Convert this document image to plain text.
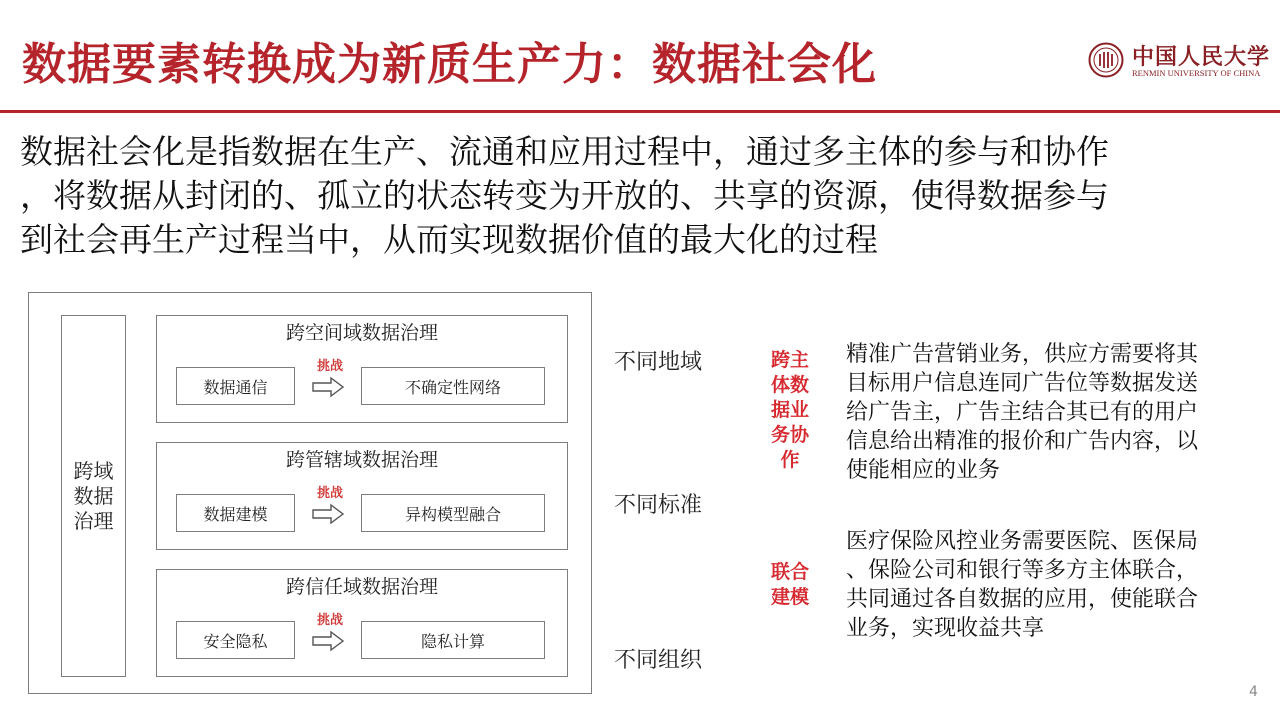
数据要素转换成为新质生产力：数据社会化	中国人民大学
RENMIN UNIVERSITY OF CHINA
数据社会化是指数据在生产、流通和应用过程中，通过多主体的参与和协作
，将数据从封闭的、孤立的状态转变为开放的、共享的资源，使得数据参与
到社会再生产过程当中，从而实现数据价值的最大化的过程
跨域数据治理
跨空间域数据治理
数据通信
挑战
不确定性网络
跨管辖域数据治理
数据建模
挑战
异构模型融合
跨信任域数据治理
安全隐私
挑战
隐私计算
不同地域
不同标准
不同组织
跨主
体数
据业
务协
作
精准广告营销业务，供应方需要将其
目标用户信息连同广告位等数据发送
给广告主，广告主结合其已有的用户
信息给出精准的报价和广告内容，以
使能相应的业务
联合
建模
医疗保险风控业务需要医院、医保局
、保险公司和银行等多方主体联合，
共同通过各自数据的应用，使能联合
业务，实现收益共享
4
